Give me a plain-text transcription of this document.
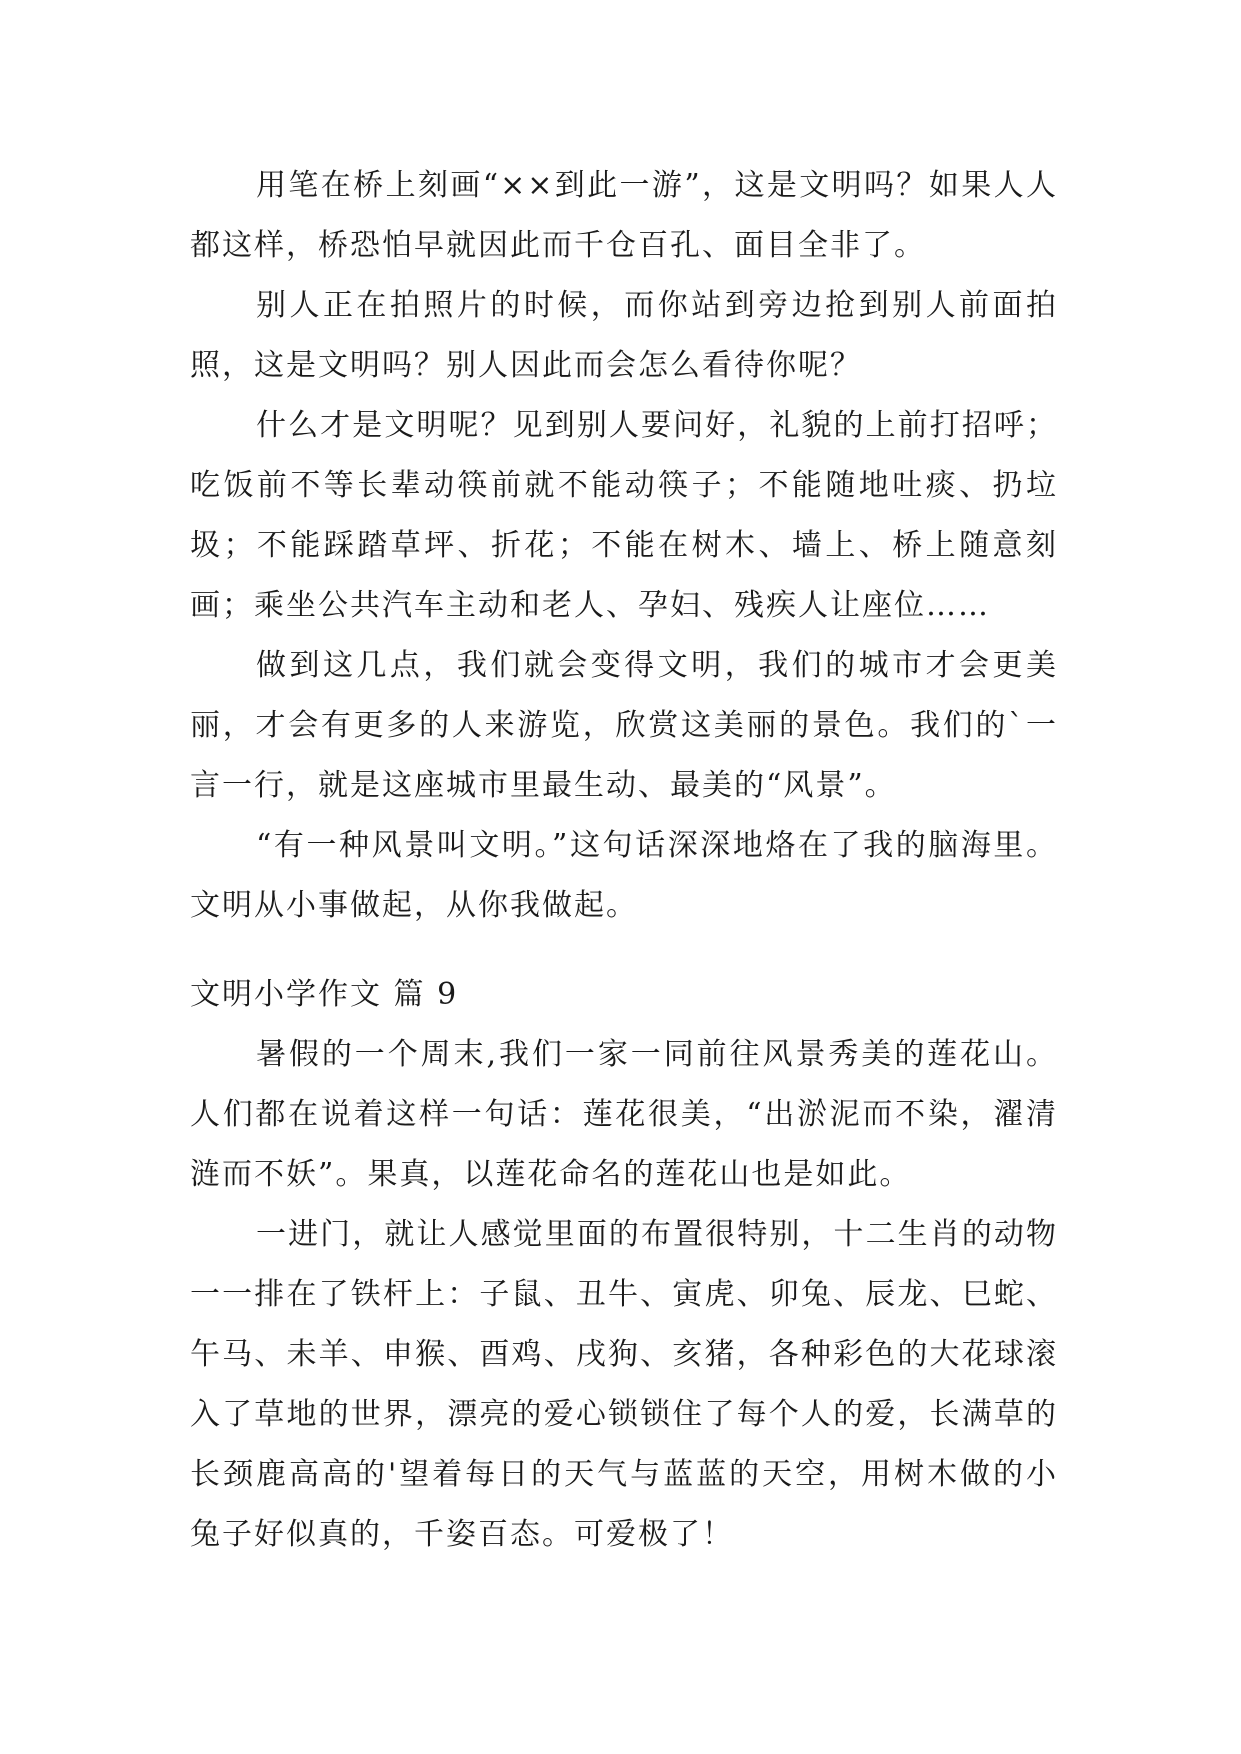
用笔在桥上刻画“××到此一游”，这是文明吗？如果人人都这样，桥恐怕早就因此而千仓百孔、面目全非了。

别人正在拍照片的时候，而你站到旁边抢到别人前面拍照，这是文明吗？别人因此而会怎么看待你呢？

什么才是文明呢？见到别人要问好，礼貌的上前打招呼；吃饭前不等长辈动筷前就不能动筷子；不能随地吐痰、扔垃圾；不能踩踏草坪、折花；不能在树木、墙上、桥上随意刻画；乘坐公共汽车主动和老人、孕妇、残疾人让座位……

做到这几点，我们就会变得文明，我们的城市才会更美丽，才会有更多的人来游览，欣赏这美丽的景色。我们的`一言一行，就是这座城市里最生动、最美的“风景”。

“有一种风景叫文明。”这句话深深地烙在了我的脑海里。文明从小事做起，从你我做起。

文明小学作文 篇 9

暑假的一个周末,我们一家一同前往风景秀美的莲花山。人们都在说着这样一句话：莲花很美，“出淤泥而不染，濯清涟而不妖”。果真，以莲花命名的莲花山也是如此。

一进门，就让人感觉里面的布置很特别，十二生肖的动物一一排在了铁杆上：子鼠、丑牛、寅虎、卯兔、辰龙、巳蛇、午马、未羊、申猴、酉鸡、戌狗、亥猪，各种彩色的大花球滚入了草地的世界，漂亮的爱心锁锁住了每个人的爱，长满草的长颈鹿高高的'望着每日的天气与蓝蓝的天空，用树木做的小兔子好似真的，千姿百态。可爱极了！
